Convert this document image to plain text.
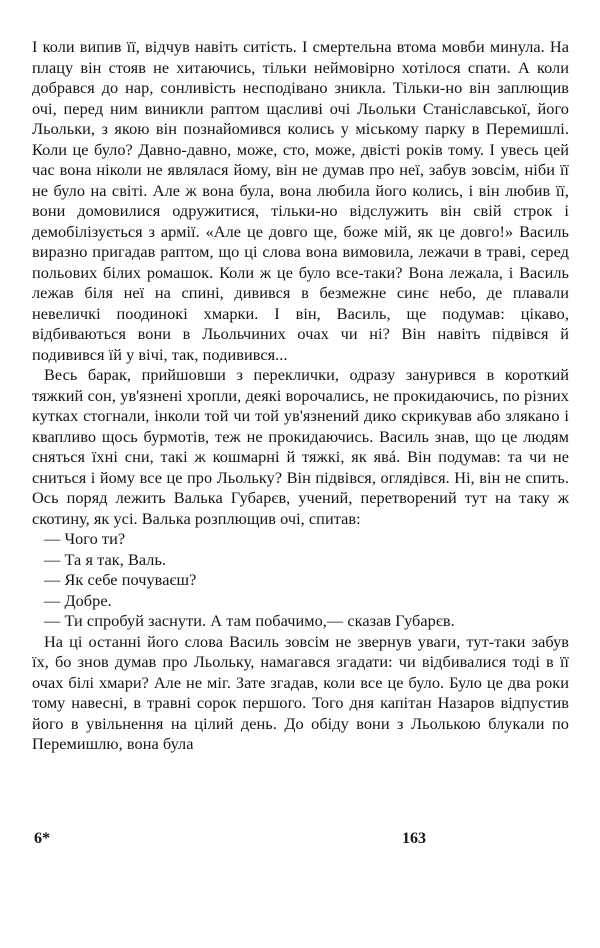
І коли випив її, відчув навіть ситість. І смертельна втома мовби минула. На плацу він стояв не хитаючись, тільки неймовірно хотілося спати. А коли добрався до нар, сонливість несподівано зникла. Тільки-но він заплющив очі, перед ним виникли раптом щасливі очі Льольки Станіславської, його Льольки, з якою він познайомився колись у міському парку в Перемишлі. Коли це було? Давно-давно, може, сто, може, двісті років тому. І увесь цей час вона ніколи не являлася йому, він не думав про неї, забув зовсім, ніби її не було на світі. Але ж вона була, вона любила його колись, і він любив її, вони домовилися одружитися, тільки-но відслужить він свій строк і демобілізується з армії. «Але це довго ще, боже мій, як це довго!» Василь виразно пригадав раптом, що ці слова вона вимовила, лежачи в траві, серед польових білих ромашок. Коли ж це було все-таки? Вона лежала, і Василь лежав біля неї на спині, дивився в безмежне синє небо, де плавали невеличкі поодинокі хмарки. І він, Василь, ще подумав: цікаво, відбиваються вони в Льольчиних очах чи ні? Він навіть підвівся й подивився їй у вічі, так, подивився...

Весь барак, прийшовши з переклички, одразу занурився в короткий тяжкий сон, ув'язнені хропли, деякі ворочались, не прокидаючись, по різних кутках стогнали, інколи той чи той ув'язнений дико скрикував або злякано і квапливо щось бурмотів, теж не прокидаючись. Василь знав, що це людям сняться їхні сни, такі ж кошмарні й тяжкі, як явá. Він подумав: та чи не сниться і йому все це про Льольку? Він підвівся, оглядівся. Ні, він не спить. Ось поряд лежить Валька Губарєв, учений, перетворений тут на таку ж скотину, як усі. Валька розплющив очі, спитав:

— Чого ти?

— Та я так, Валь.

— Як себе почуваєш?

— Добре.

— Ти спробуй заснути. А там побачимо,— сказав Губарєв.

На ці останні його слова Василь зовсім не звернув уваги, тут-таки забув їх, бо знов думав про Льольку, намагався згадати: чи відбивалися тоді в її очах білі хмари? Але не міг. Зате згадав, коли все це було. Було це два роки тому навесні, в травні сорок першого. Того дня капітан Назаров відпустив його в увільнення на цілий день. До обіду вони з Льолькою блукали по Перемишлю, вона була

6*	163
